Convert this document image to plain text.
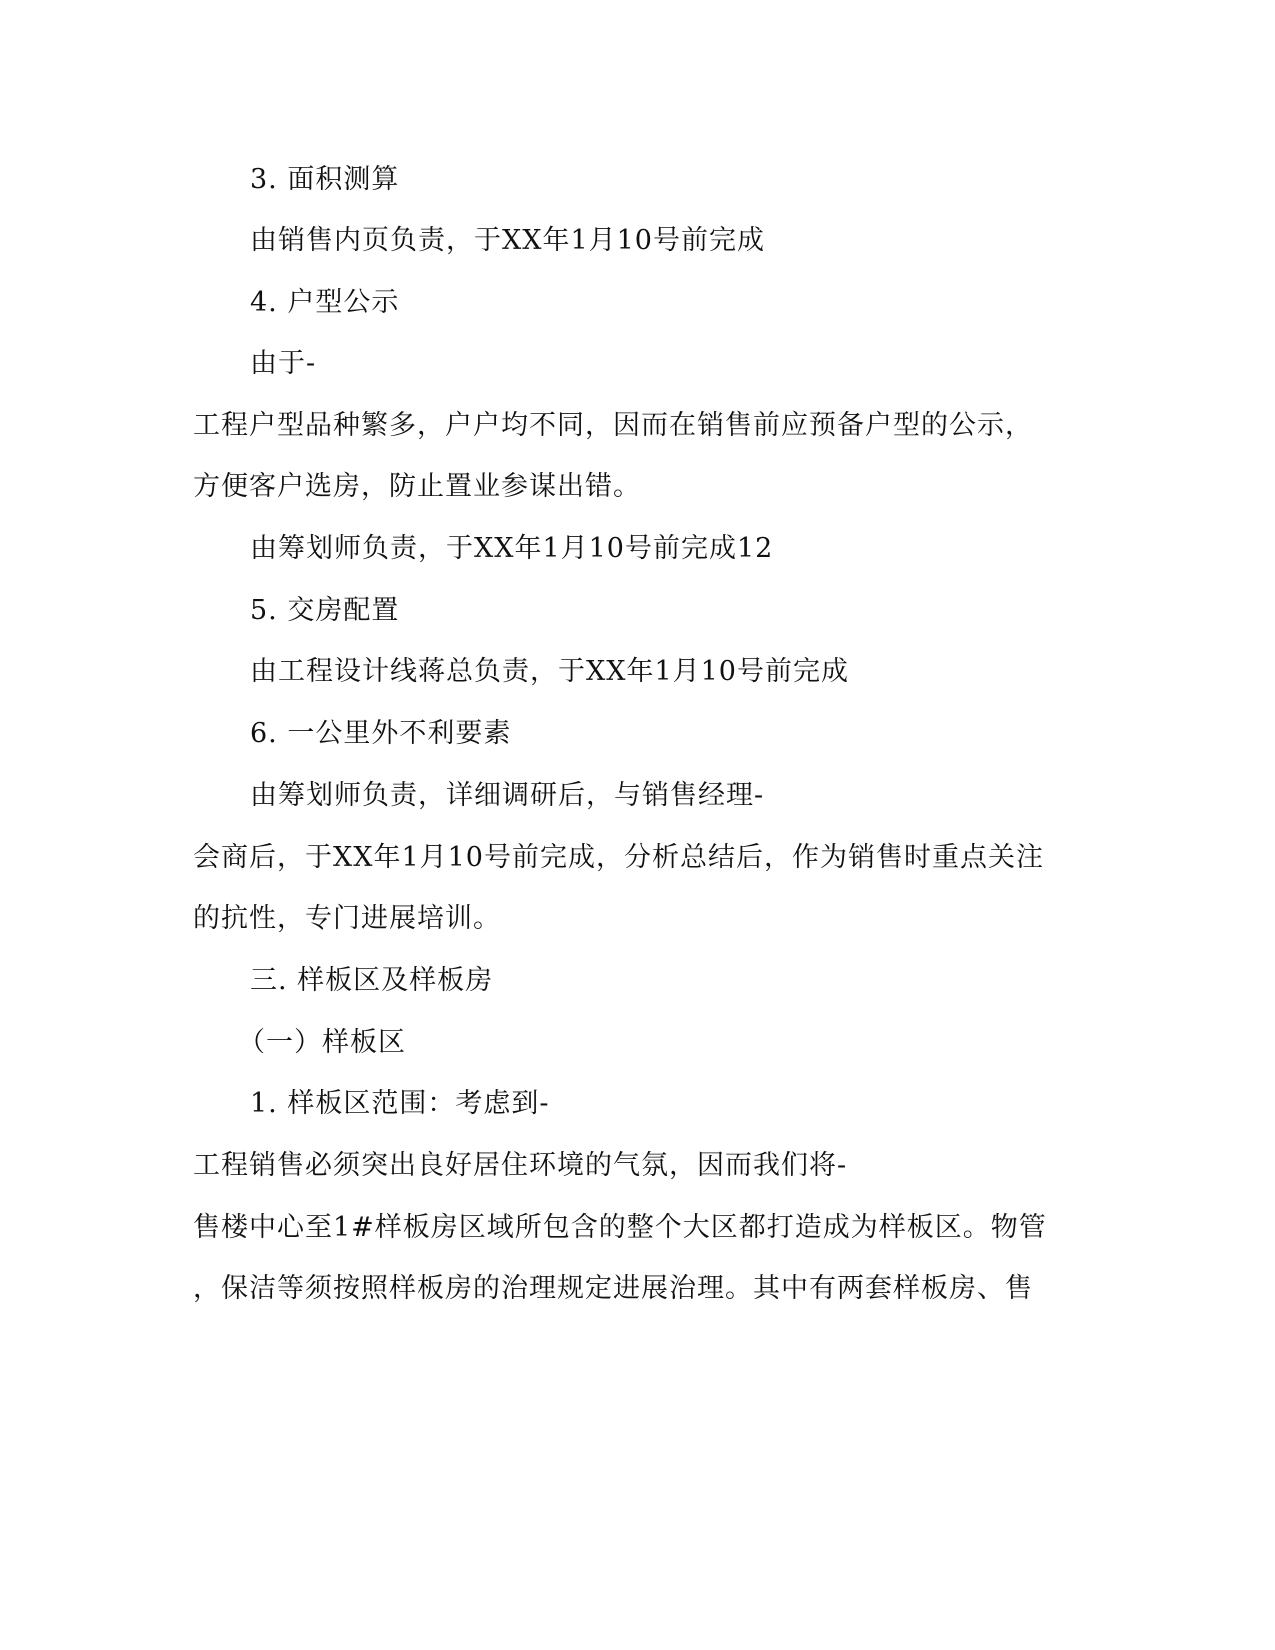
3. 面积测算
由销售内页负责，于XX年1月10号前完成
4. 户型公示
由于-
工程户型品种繁多，户户均不同，因而在销售前应预备户型的公示，
方便客户选房，防止置业参谋出错。
由筹划师负责，于XX年1月10号前完成12
5. 交房配置
由工程设计线蒋总负责，于XX年1月10号前完成
6. 一公里外不利要素
由筹划师负责，详细调研后，与销售经理-
会商后，于XX年1月10号前完成，分析总结后，作为销售时重点关注
的抗性，专门进展培训。
三. 样板区及样板房
（一）样板区
1. 样板区范围：考虑到-
工程销售必须突出良好居住环境的气氛，因而我们将-
售楼中心至1#样板房区域所包含的整个大区都打造成为样板区。物管
，保洁等须按照样板房的治理规定进展治理。其中有两套样板房、售
